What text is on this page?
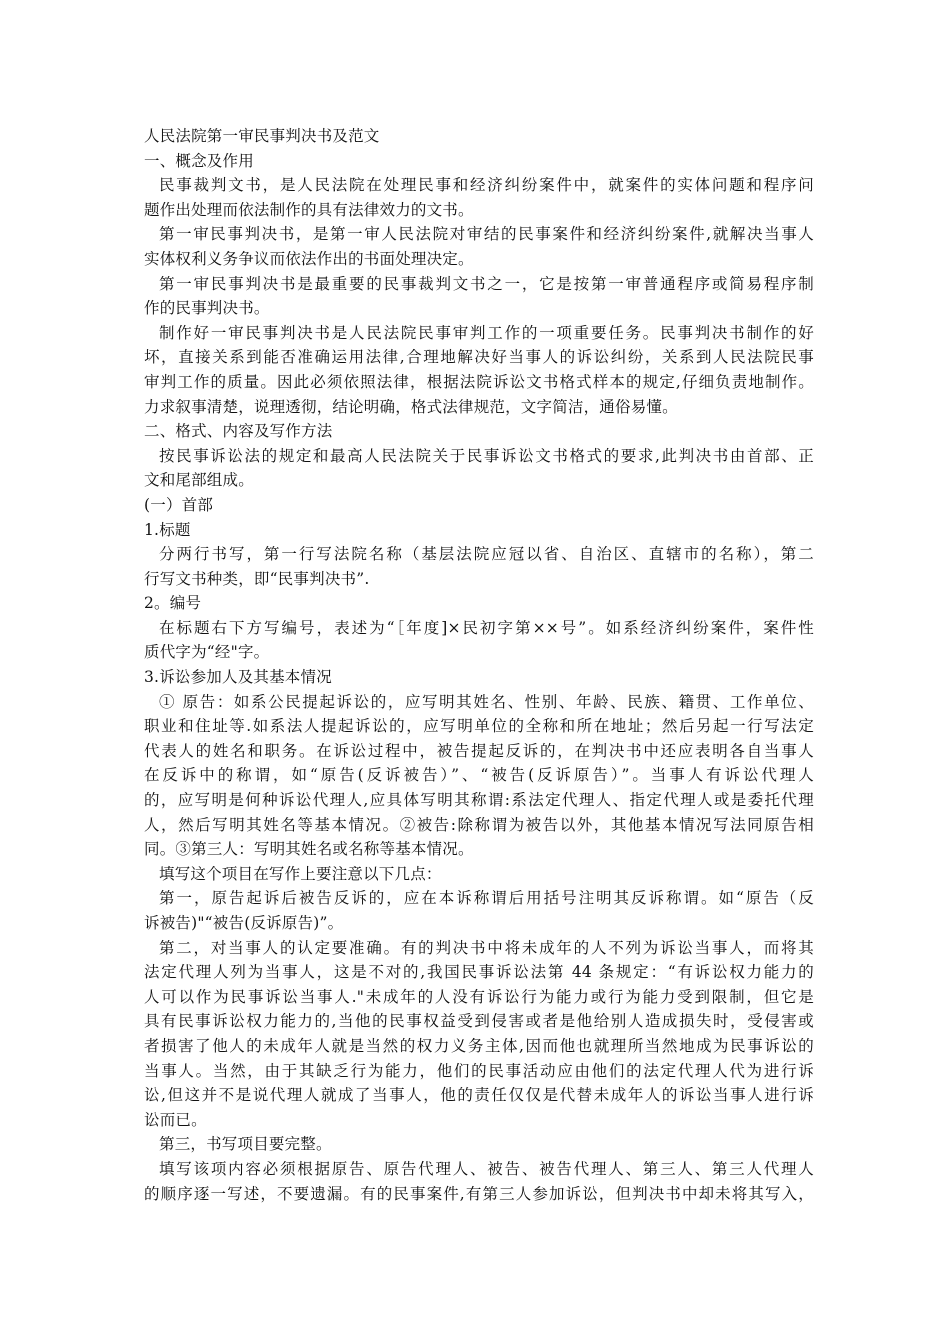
人民法院第一审民事判决书及范文
一、概念及作用
民事裁判文书，是人民法院在处理民事和经济纠纷案件中，就案件的实体问题和程序问
题作出处理而依法制作的具有法律效力的文书。
第一审民事判决书，是第一审人民法院对审结的民事案件和经济纠纷案件,就解决当事人
实体权利义务争议而依法作出的书面处理决定。
第一审民事判决书是最重要的民事裁判文书之一，它是按第一审普通程序或简易程序制
作的民事判决书。
制作好一审民事判决书是人民法院民事审判工作的一项重要任务。民事判决书制作的好
坏，直接关系到能否准确运用法律,合理地解决好当事人的诉讼纠纷，关系到人民法院民事
审判工作的质量。因此必须依照法律，根据法院诉讼文书格式样本的规定,仔细负责地制作。
力求叙事清楚，说理透彻，结论明确，格式法律规范，文字简洁，通俗易懂。
二、格式、内容及写作方法
按民事诉讼法的规定和最高人民法院关于民事诉讼文书格式的要求,此判决书由首部、正
文和尾部组成。
(一）首部
1.标题
分两行书写，第一行写法院名称（基层法院应冠以省、自治区、直辖市的名称），第二
行写文书种类，即“民事判决书”.
2。编号
在标题右下方写编号，表述为“［年度]×民初字第××号”。如系经济纠纷案件，案件性
质代字为“经"字。
3.诉讼参加人及其基本情况
① 原告：如系公民提起诉讼的，应写明其姓名、性别、年龄、民族、籍贯、工作单位、
职业和住址等.如系法人提起诉讼的，应写明单位的全称和所在地址；然后另起一行写法定
代表人的姓名和职务。在诉讼过程中，被告提起反诉的，在判决书中还应表明各自当事人
在反诉中的称谓，如“原告(反诉被告）”、“被告(反诉原告）”。当事人有诉讼代理人
的，应写明是何种诉讼代理人,应具体写明其称谓:系法定代理人、指定代理人或是委托代理
人，然后写明其姓名等基本情况。②被告:除称谓为被告以外，其他基本情况写法同原告相
同。③第三人：写明其姓名或名称等基本情况。
填写这个项目在写作上要注意以下几点：
第一，原告起诉后被告反诉的，应在本诉称谓后用括号注明其反诉称谓。如“原告（反
诉被告)"“被告(反诉原告)”。
第二，对当事人的认定要准确。有的判决书中将未成年的人不列为诉讼当事人，而将其
法定代理人列为当事人，这是不对的,我国民事诉讼法第 44 条规定：“有诉讼权力能力的
人可以作为民事诉讼当事人."未成年的人没有诉讼行为能力或行为能力受到限制，但它是
具有民事诉讼权力能力的,当他的民事权益受到侵害或者是他给别人造成损失时，受侵害或
者损害了他人的未成年人就是当然的权力义务主体,因而他也就理所当然地成为民事诉讼的
当事人。当然，由于其缺乏行为能力，他们的民事活动应由他们的法定代理人代为进行诉
讼,但这并不是说代理人就成了当事人，他的责任仅仅是代替未成年人的诉讼当事人进行诉
讼而已。
第三，书写项目要完整。
填写该项内容必须根据原告、原告代理人、被告、被告代理人、第三人、第三人代理人
的顺序逐一写述，不要遗漏。有的民事案件,有第三人参加诉讼，但判决书中却未将其写入，
